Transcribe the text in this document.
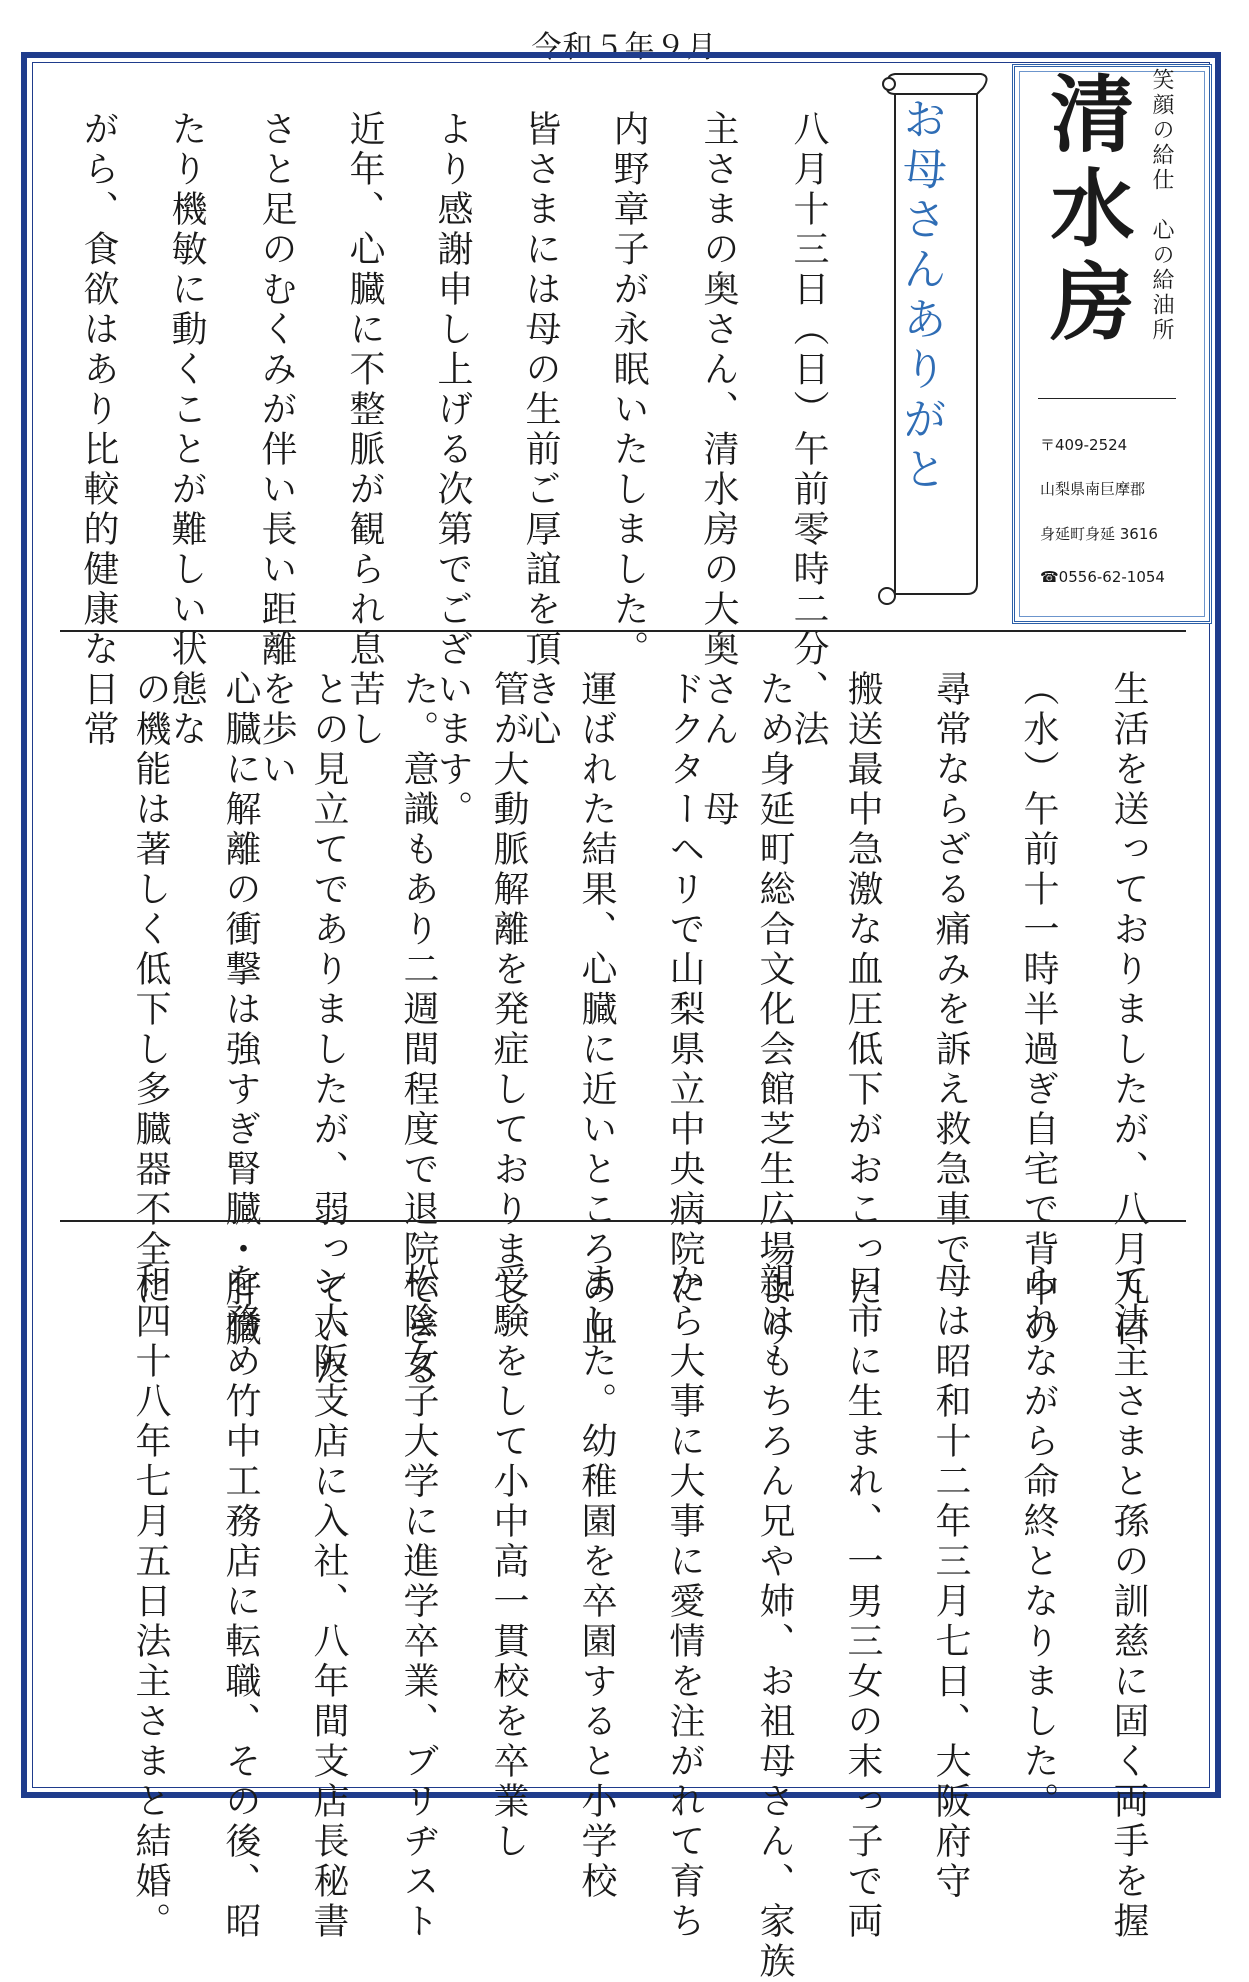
令和５年９月
笑顔の給仕　心の給油所
清水房
〒409-2524
山梨県南巨摩郡
身延町身延 3616
☎0556-62-1054
お母さんありがと
八月十三日（日）午前零時二分、法
主さまの奥さん、清水房の大奥さん　母
内野章子が永眠いたしました。
皆さまには母の生前ご厚誼を頂き心
より感謝申し上げる次第でございます。
近年、心臓に不整脈が観られ息苦し
さと足のむくみが伴い長い距離を歩い
たり機敏に動くことが難しい状態な
がら、食欲はあり比較的健康な日常
生活を送っておりましたが、八月九日
（水）午前十一時半過ぎ自宅で背中の
尋常ならざる痛みを訴え救急車で
搬送最中急激な血圧低下がおこった
ため身延町総合文化会館芝生広場より
ドクターヘリで山梨県立中央病院に
運ばれた結果、心臓に近いところの血
管が大動脈解離を発症しておりまし
た。意識もあり二週間程度で退院できる
との見立てでありましたが、弱っていた
心臓に解離の衝撃は強すぎ腎臓・肝臓
の機能は著しく低下し多臓器不全に
て法主さまと孫の訓慈に固く両手を握
られながら命終となりました。
母は昭和十二年三月七日、大阪府守
口市に生まれ、一男三女の末っ子で両
親はもちろん兄や姉、お祖母さん、家族
から大事に大事に愛情を注がれて育ち
ました。幼稚園を卒園すると小学校
受験をして小中高一貫校を卒業し
松陰女子大学に進学卒業、ブリヂスト
ン大阪支店に入社、八年間支店長秘書
を務め竹中工務店に転職、その後、昭
和四十八年七月五日法主さまと結婚。
